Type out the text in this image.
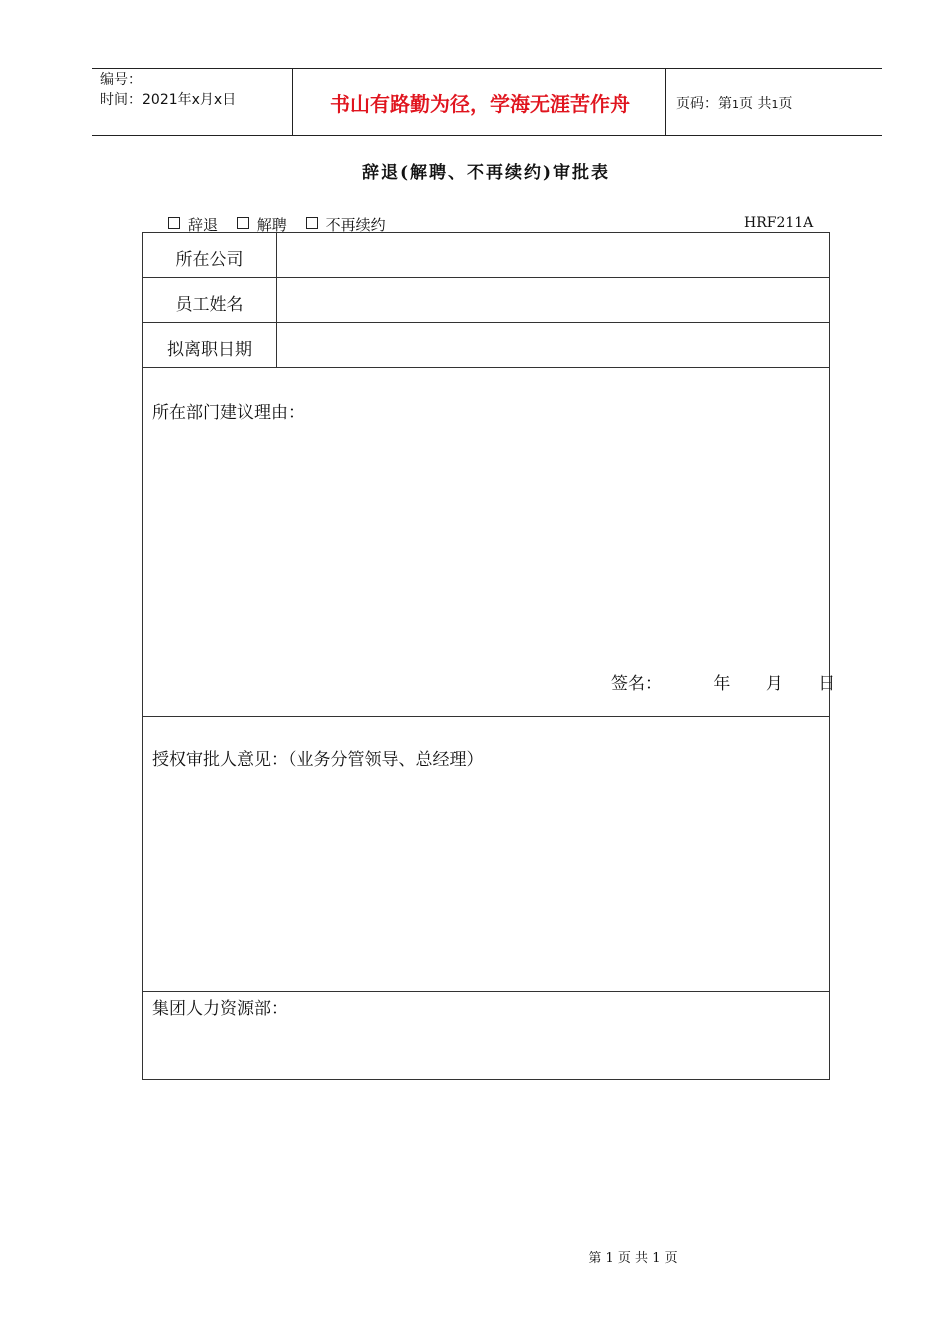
编号：
时间：2021年x月x日	书山有路勤为径，学海无涯苦作舟	页码：第1页 共1页
辞退(解聘、不再续约)审批表
辞退	解聘	不再续约	HRF211A
所在公司
员工姓名
拟离职日期
所在部门建议理由：
签名：	年 月 日
授权审批人意见：（业务分管领导、总经理）
集团人力资源部：
第 1 页 共 1 页
